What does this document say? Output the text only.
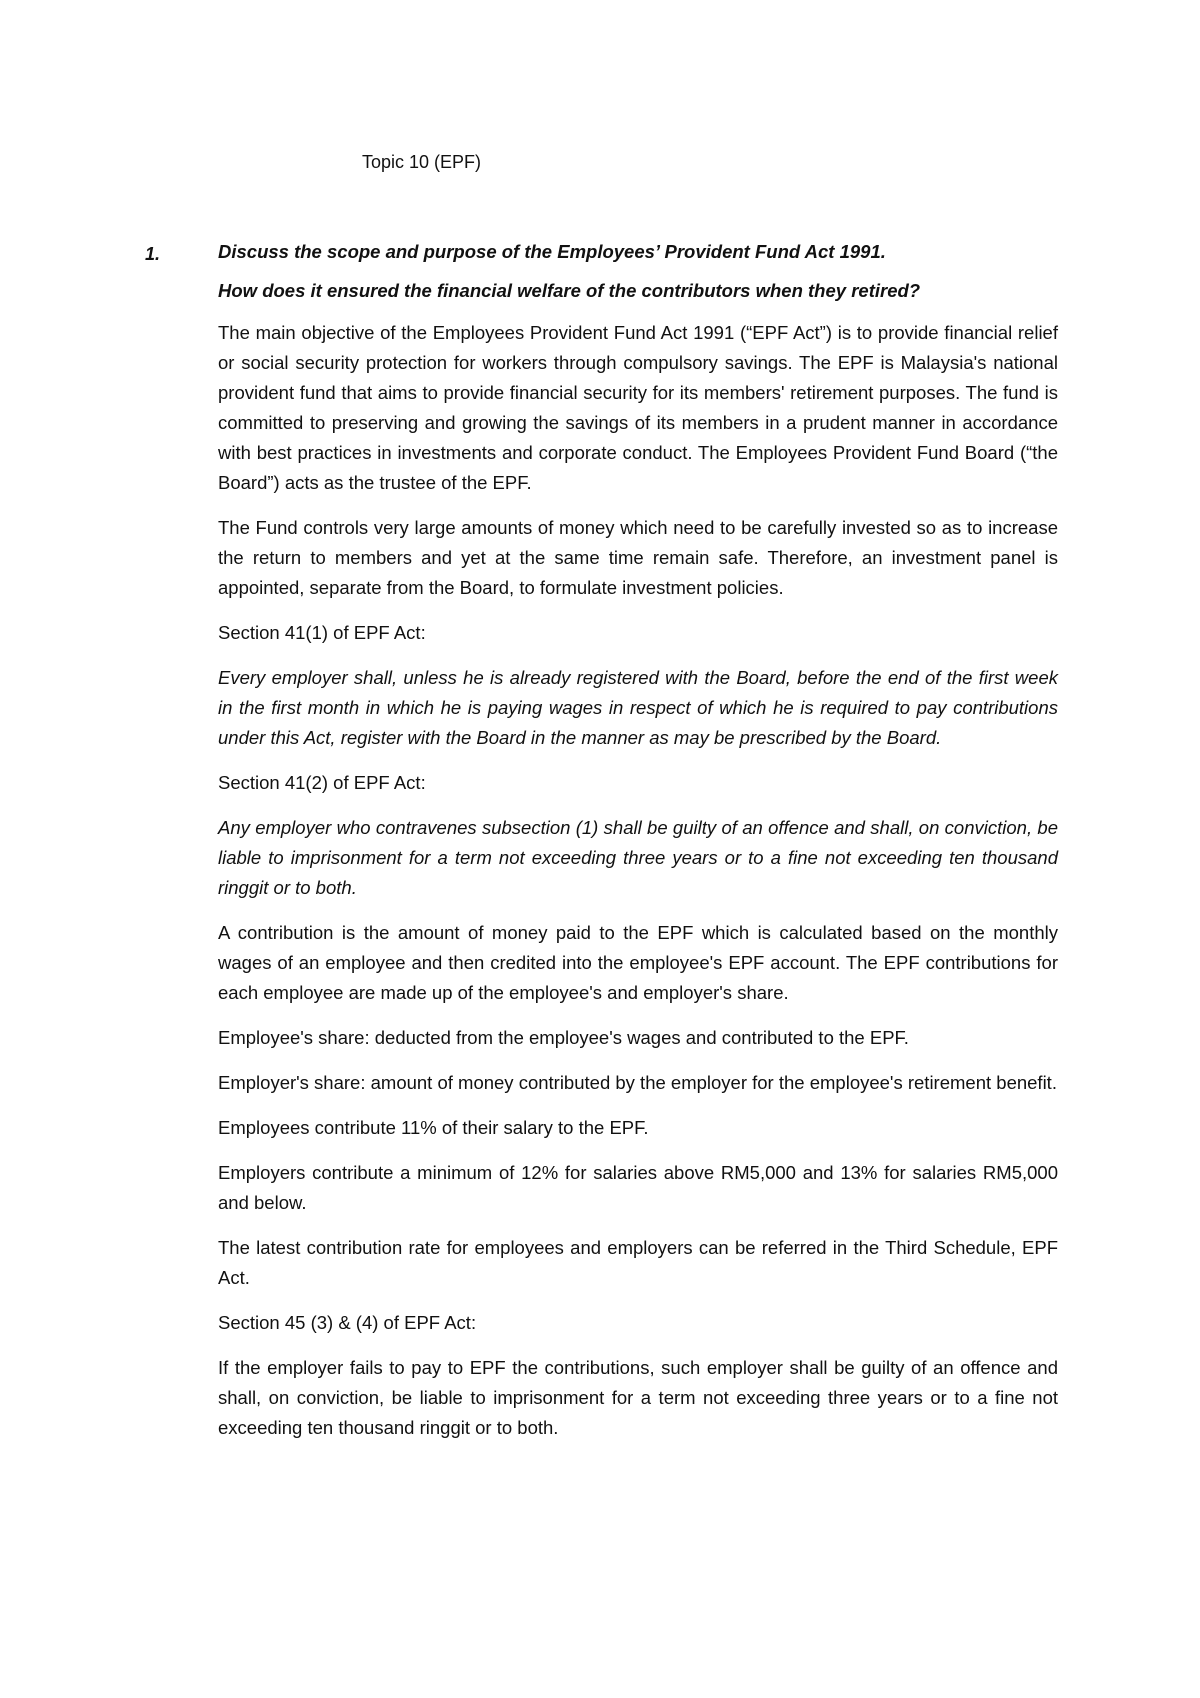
Topic 10 (EPF)
1.	Discuss the scope and purpose of the Employees’ Provident Fund Act 1991.

How does it ensured the financial welfare of the contributors when they retired?

The main objective of the Employees Provident Fund Act 1991 (“EPF Act”) is to provide financial relief or social security protection for workers through compulsory savings. The EPF is Malaysia's national provident fund that aims to provide financial security for its members' retirement purposes. The fund is committed to preserving and growing the savings of its members in a prudent manner in accordance with best practices in investments and corporate conduct. The Employees Provident Fund Board (“the Board”) acts as the trustee of the EPF.

The Fund controls very large amounts of money which need to be carefully invested so as to increase the return to members and yet at the same time remain safe. Therefore, an investment panel is appointed, separate from the Board, to formulate investment policies.

Section 41(1) of EPF Act:

Every employer shall, unless he is already registered with the Board, before the end of the first week in the first month in which he is paying wages in respect of which he is required to pay contributions under this Act, register with the Board in the manner as may be prescribed by the Board.

Section 41(2) of EPF Act:

Any employer who contravenes subsection (1) shall be guilty of an offence and shall, on conviction, be liable to imprisonment for a term not exceeding three years or to a fine not exceeding ten thousand ringgit or to both.

A contribution is the amount of money paid to the EPF which is calculated based on the monthly wages of an employee and then credited into the employee's EPF account. The EPF contributions for each employee are made up of the employee's and employer's share.

Employee's share: deducted from the employee's wages and contributed to the EPF.

Employer's share: amount of money contributed by the employer for the employee's retirement benefit.

Employees contribute 11% of their salary to the EPF.

Employers contribute a minimum of 12% for salaries above RM5,000 and 13% for salaries RM5,000 and below.

The latest contribution rate for employees and employers can be referred in the Third Schedule, EPF Act.

Section 45 (3) & (4) of EPF Act:

If the employer fails to pay to EPF the contributions, such employer shall be guilty of an offence and shall, on conviction, be liable to imprisonment for a term not exceeding three years or to a fine not exceeding ten thousand ringgit or to both.
